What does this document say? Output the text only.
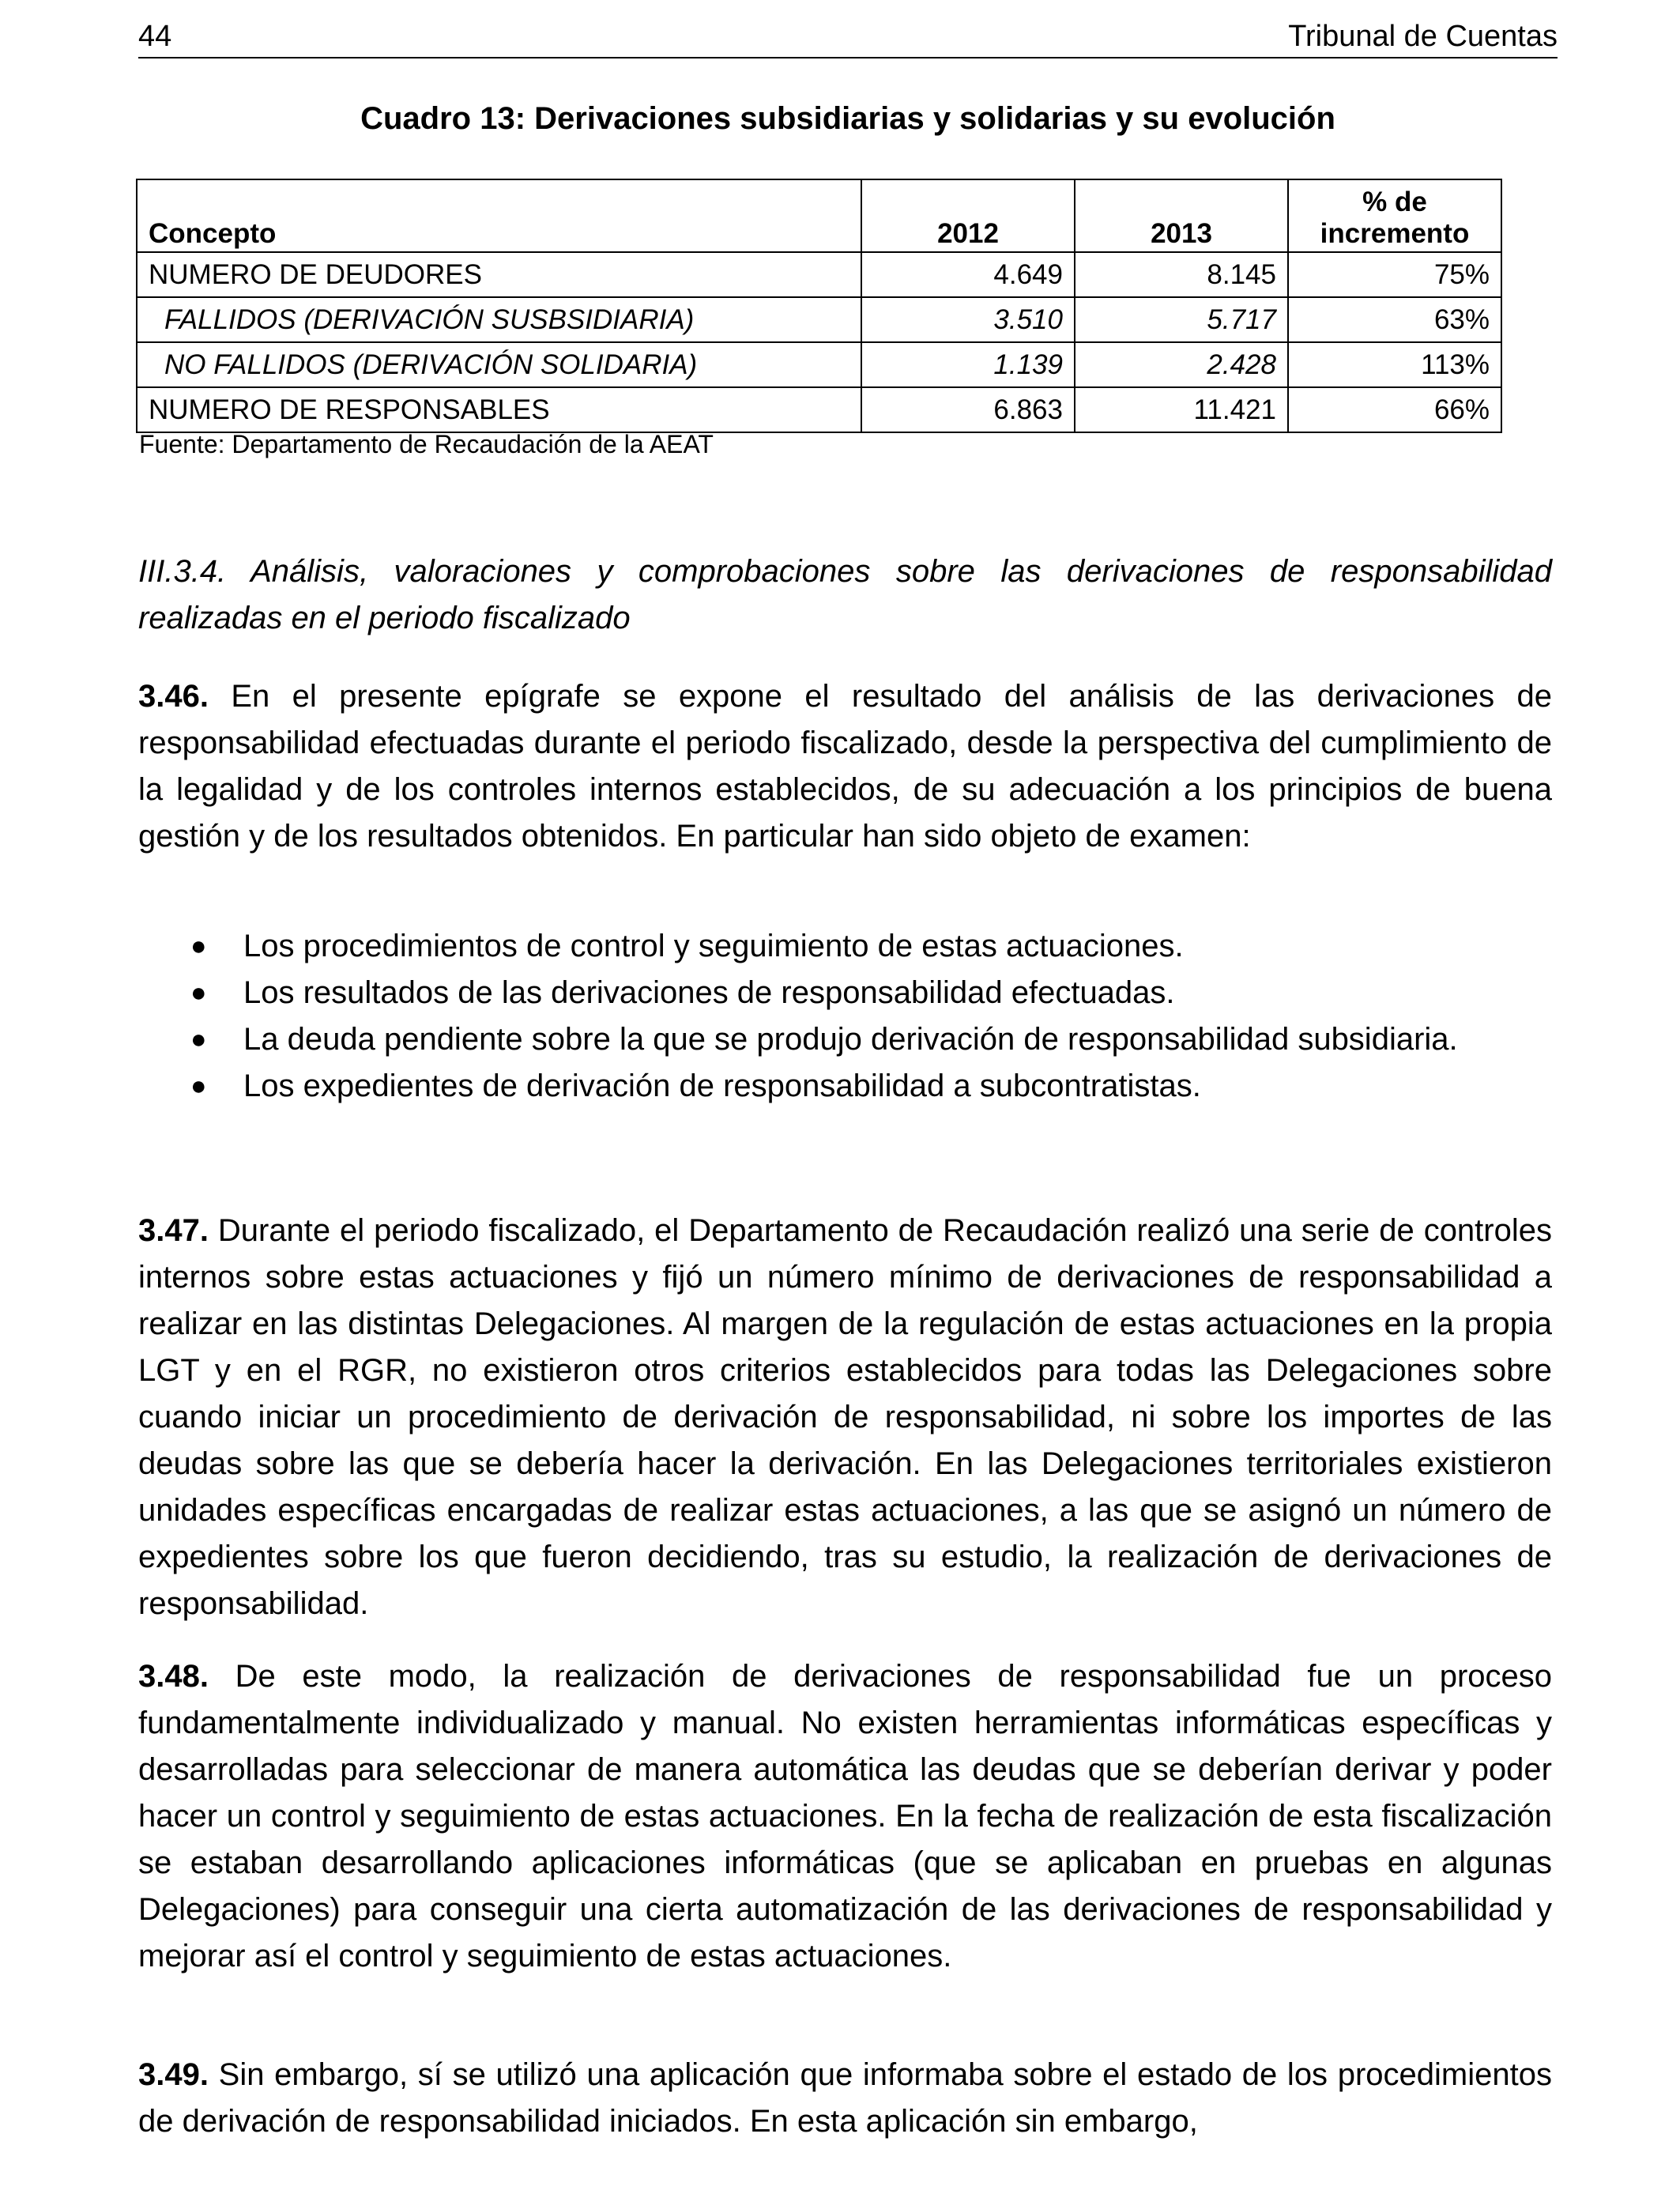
44	Tribunal de Cuentas
Cuadro 13: Derivaciones subsidiarias y solidarias y su evolución
Concepto	2012	2013	% de
incremento

NUMERO DE DEUDORES	4.649	8.145	75%
FALLIDOS (DERIVACIÓN SUSBSIDIARIA)	3.510	5.717	63%
NO FALLIDOS (DERIVACIÓN SOLIDARIA)	1.139	2.428	113%
NUMERO DE RESPONSABLES	6.863	11.421	66%
Fuente: Departamento de Recaudación de la AEAT
III.3.4. Análisis, valoraciones y comprobaciones sobre las derivaciones de responsabilidad realizadas en el periodo fiscalizado
3.46. En el presente epígrafe se expone el resultado del análisis de las derivaciones de responsabilidad efectuadas durante el periodo fiscalizado, desde la perspectiva del cumplimiento de la legalidad y de los controles internos establecidos, de su adecuación a los principios de buena gestión y de los resultados obtenidos. En particular han sido objeto de examen:
● Los procedimientos de control y seguimiento de estas actuaciones.
● Los resultados de las derivaciones de responsabilidad efectuadas.
● La deuda pendiente sobre la que se produjo derivación de responsabilidad subsidiaria.
● Los expedientes de derivación de responsabilidad a subcontratistas.
3.47. Durante el periodo fiscalizado, el Departamento de Recaudación realizó una serie de controles internos sobre estas actuaciones y fijó un número mínimo de derivaciones de responsabilidad a realizar en las distintas Delegaciones. Al margen de la regulación de estas actuaciones en la propia LGT y en el RGR, no existieron otros criterios establecidos para todas las Delegaciones sobre cuando iniciar un procedimiento de derivación de responsabilidad, ni sobre los importes de las deudas sobre las que se debería hacer la derivación. En las Delegaciones territoriales existieron unidades específicas encargadas de realizar estas actuaciones, a las que se asignó un número de expedientes sobre los que fueron decidiendo, tras su estudio, la realización de derivaciones de responsabilidad.
3.48. De este modo, la realización de derivaciones de responsabilidad fue un proceso fundamentalmente individualizado y manual. No existen herramientas informáticas específicas y desarrolladas para seleccionar de manera automática las deudas que se deberían derivar y poder hacer un control y seguimiento de estas actuaciones. En la fecha de realización de esta fiscalización se estaban desarrollando aplicaciones informáticas (que se aplicaban en pruebas en algunas Delegaciones) para conseguir una cierta automatización de las derivaciones de responsabilidad y mejorar así el control y seguimiento de estas actuaciones.
3.49. Sin embargo, sí se utilizó una aplicación que informaba sobre el estado de los procedimientos de derivación de responsabilidad iniciados. En esta aplicación sin embargo,
